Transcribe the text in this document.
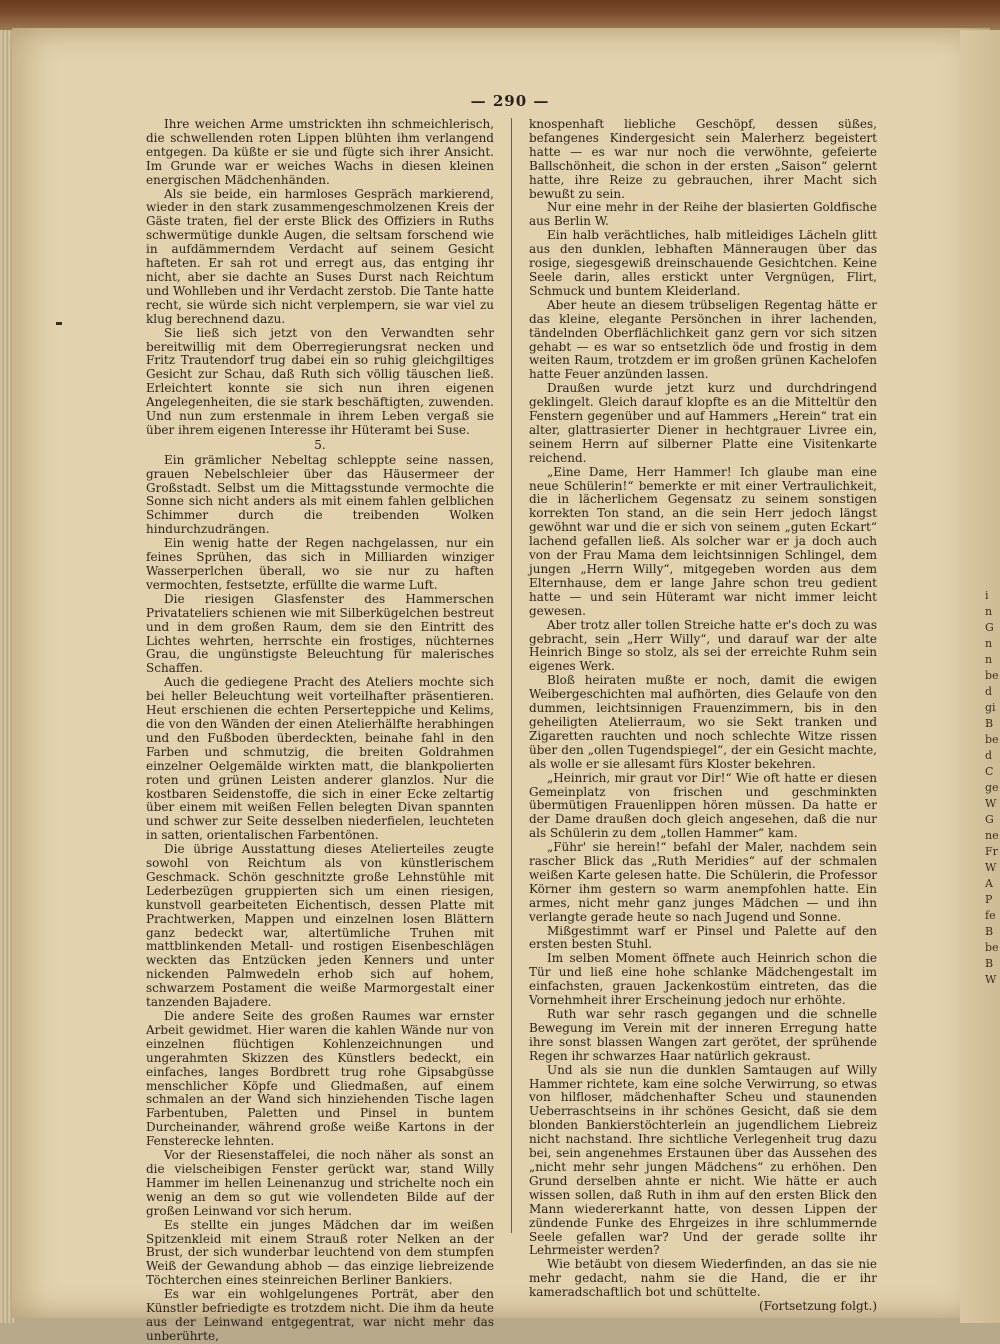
— 290 —

Ihre weichen Arme umstrickten ihn schmeichlerisch, die schwellenden roten Lippen blühten ihm verlangend entgegen. Da küßte er sie und fügte sich ihrer Ansicht. Im Grunde war er weiches Wachs in diesen kleinen energischen Mädchenhänden.

Als sie beide, ein harmloses Gespräch markierend, wieder in den stark zusammengeschmolzenen Kreis der Gäste traten, fiel der erste Blick des Offiziers in Ruths schwermütige dunkle Augen, die seltsam forschend wie in aufdämmerndem Verdacht auf seinem Gesicht hafteten. Er sah rot und erregt aus, das entging ihr nicht, aber sie dachte an Suses Durst nach Reichtum und Wohlleben und ihr Verdacht zerstob. Die Tante hatte recht, sie würde sich nicht verplempern, sie war viel zu klug berechnend dazu.

Sie ließ sich jetzt von den Verwandten sehr bereitwillig mit dem Oberregierungsrat necken und Fritz Trautendorf trug dabei ein so ruhig gleichgiltiges Gesicht zur Schau, daß Ruth sich völlig täuschen ließ. Erleichtert konnte sie sich nun ihren eigenen Angelegenheiten, die sie stark beschäftigten, zuwenden. Und nun zum erstenmale in ihrem Leben vergaß sie über ihrem eigenen Interesse ihr Hüteramt bei Suse.

5.

Ein grämlicher Nebeltag schleppte seine nassen, grauen Nebelschleier über das Häusermeer der Großstadt. Selbst um die Mittagsstunde vermochte die Sonne sich nicht anders als mit einem fahlen gelblichen Schimmer durch die treibenden Wolken hindurchzudrängen.

Ein wenig hatte der Regen nachgelassen, nur ein feines Sprühen, das sich in Milliarden winziger Wasserperlchen überall, wo sie nur zu haften vermochten, festsetzte, erfüllte die warme Luft.

Die riesigen Glasfenster des Hammerschen Privatateliers schienen wie mit Silberkügelchen bestreut und in dem großen Raum, dem sie den Eintritt des Lichtes wehrten, herrschte ein frostiges, nüchternes Grau, die ungünstigste Beleuchtung für malerisches Schaffen.

Auch die gediegene Pracht des Ateliers mochte sich bei heller Beleuchtung weit vorteilhafter präsentieren. Heut erschienen die echten Perserteppiche und Kelims, die von den Wänden der einen Atelierhälfte herabhingen und den Fußboden überdeckten, beinahe fahl in den Farben und schmutzig, die breiten Goldrahmen einzelner Oelgemälde wirkten matt, die blankpolierten roten und grünen Leisten anderer glanzlos. Nur die kostbaren Seidenstoffe, die sich in einer Ecke zeltartig über einem mit weißen Fellen belegten Divan spannten und schwer zur Seite desselben niederfielen, leuchteten in satten, orientalischen Farbentönen.

Die übrige Ausstattung dieses Atelierteiles zeugte sowohl von Reichtum als von künstlerischem Geschmack. Schön geschnitzte große Lehnstühle mit Lederbezügen gruppierten sich um einen riesigen, kunstvoll gearbeiteten Eichentisch, dessen Platte mit Prachtwerken, Mappen und einzelnen losen Blättern ganz bedeckt war, altertümliche Truhen mit mattblinkenden Metall- und rostigen Eisenbeschlägen weckten das Entzücken jeden Kenners und unter nickenden Palmwedeln erhob sich auf hohem, schwarzem Postament die weiße Marmorgestalt einer tanzenden Bajadere.

Die andere Seite des großen Raumes war ernster Arbeit gewidmet. Hier waren die kahlen Wände nur von einzelnen flüchtigen Kohlenzeichnungen und ungerahmten Skizzen des Künstlers bedeckt, ein einfaches, langes Bordbrett trug rohe Gipsabgüsse menschlicher Köpfe und Gliedmaßen, auf einem schmalen an der Wand sich hinziehenden Tische lagen Farbentuben, Paletten und Pinsel in buntem Durcheinander, während große weiße Kartons in der Fensterecke lehnten.

Vor der Riesenstaffelei, die noch näher als sonst an die vielscheibigen Fenster gerückt war, stand Willy Hammer im hellen Leinenanzug und strichelte noch ein wenig an dem so gut wie vollendeten Bilde auf der großen Leinwand vor sich herum.

Es stellte ein junges Mädchen dar im weißen Spitzenkleid mit einem Strauß roter Nelken an der Brust, der sich wunderbar leuchtend von dem stumpfen Weiß der Gewandung abhob — das einzige liebreizende Töchterchen eines steinreichen Berliner Bankiers.

Es war ein wohlgelungenes Porträt, aber den Künstler befriedigte es trotzdem nicht. Die ihm da heute aus der Leinwand entgegentrat, war nicht mehr das unberührte,

knospenhaft liebliche Geschöpf, dessen süßes, befangenes Kindergesicht sein Malerherz begeistert hatte — es war nur noch die verwöhnte, gefeierte Ballschönheit, die schon in der ersten „Saison“ gelernt hatte, ihre Reize zu gebrauchen, ihrer Macht sich bewußt zu sein.

Nur eine mehr in der Reihe der blasierten Goldfische aus Berlin W.

Ein halb verächtliches, halb mitleidiges Lächeln glitt aus den dunklen, lebhaften Männeraugen über das rosige, siegesgewiß dreinschauende Gesichtchen. Keine Seele darin, alles erstickt unter Vergnügen, Flirt, Schmuck und buntem Kleiderland.

Aber heute an diesem trübseligen Regentag hätte er das kleine, elegante Persönchen in ihrer lachenden, tändelnden Oberflächlichkeit ganz gern vor sich sitzen gehabt — es war so entsetzlich öde und frostig in dem weiten Raum, trotzdem er im großen grünen Kachelofen hatte Feuer anzünden lassen.

Draußen wurde jetzt kurz und durchdringend geklingelt. Gleich darauf klopfte es an die Mitteltür den Fenstern gegenüber und auf Hammers „Herein“ trat ein alter, glattrasierter Diener in hechtgrauer Livree ein, seinem Herrn auf silberner Platte eine Visitenkarte reichend.

„Eine Dame, Herr Hammer! Ich glaube man eine neue Schülerin!“ bemerkte er mit einer Vertraulichkeit, die in lächerlichem Gegensatz zu seinem sonstigen korrekten Ton stand, an die sein Herr jedoch längst gewöhnt war und die er sich von seinem „guten Eckart“ lachend gefallen ließ. Als solcher war er ja doch auch von der Frau Mama dem leichtsinnigen Schlingel, dem jungen „Herrn Willy“, mitgegeben worden aus dem Elternhause, dem er lange Jahre schon treu gedient hatte — und sein Hüteramt war nicht immer leicht gewesen.

Aber trotz aller tollen Streiche hatte er's doch zu was gebracht, sein „Herr Willy“, und darauf war der alte Heinrich Binge so stolz, als sei der erreichte Ruhm sein eigenes Werk.

Bloß heiraten mußte er noch, damit die ewigen Weibergeschichten mal aufhörten, dies Gelaufe von den dummen, leichtsinnigen Frauenzimmern, bis in den geheiligten Atelierraum, wo sie Sekt tranken und Zigaretten rauchten und noch schlechte Witze rissen über den „ollen Tugendspiegel“, der ein Gesicht machte, als wolle er sie allesamt fürs Kloster bekehren.

„Heinrich, mir graut vor Dir!“ Wie oft hatte er diesen Gemeinplatz von frischen und geschminkten übermütigen Frauenlippen hören müssen. Da hatte er der Dame draußen doch gleich angesehen, daß die nur als Schülerin zu dem „tollen Hammer“ kam.

„Führ' sie herein!“ befahl der Maler, nachdem sein rascher Blick das „Ruth Meridies“ auf der schmalen weißen Karte gelesen hatte. Die Schülerin, die Professor Körner ihm gestern so warm anempfohlen hatte. Ein armes, nicht mehr ganz junges Mädchen — und ihn verlangte gerade heute so nach Jugend und Sonne.

Mißgestimmt warf er Pinsel und Palette auf den ersten besten Stuhl.

Im selben Moment öffnete auch Heinrich schon die Tür und ließ eine hohe schlanke Mädchengestalt im einfachsten, grauen Jackenkostüm eintreten, das die Vornehmheit ihrer Erscheinung jedoch nur erhöhte.

Ruth war sehr rasch gegangen und die schnelle Bewegung im Verein mit der inneren Erregung hatte ihre sonst blassen Wangen zart gerötet, der sprühende Regen ihr schwarzes Haar natürlich gekraust.

Und als sie nun die dunklen Samtaugen auf Willy Hammer richtete, kam eine solche Verwirrung, so etwas von hilfloser, mädchenhafter Scheu und staunenden Ueberraschtseins in ihr schönes Gesicht, daß sie dem blonden Bankierstöchterlein an jugendlichem Liebreiz nicht nachstand. Ihre sichtliche Verlegenheit trug dazu bei, sein angenehmes Erstaunen über das Aussehen des „nicht mehr sehr jungen Mädchens“ zu erhöhen. Den Grund derselben ahnte er nicht. Wie hätte er auch wissen sollen, daß Ruth in ihm auf den ersten Blick den Mann wiedererkannt hatte, von dessen Lippen der zündende Funke des Ehrgeizes in ihre schlummernde Seele gefallen war? Und der gerade sollte ihr Lehrmeister werden?

Wie betäubt von diesem Wiederfinden, an das sie nie mehr gedacht, nahm sie die Hand, die er ihr kameradschaftlich bot und schüttelte.

(Fortsetzung folgt.)

i
n
G
n
n
be
d
gi
B
be
d
C
ge
W
G
ne
Fr
W
A
P
fe
B
be
B
W
